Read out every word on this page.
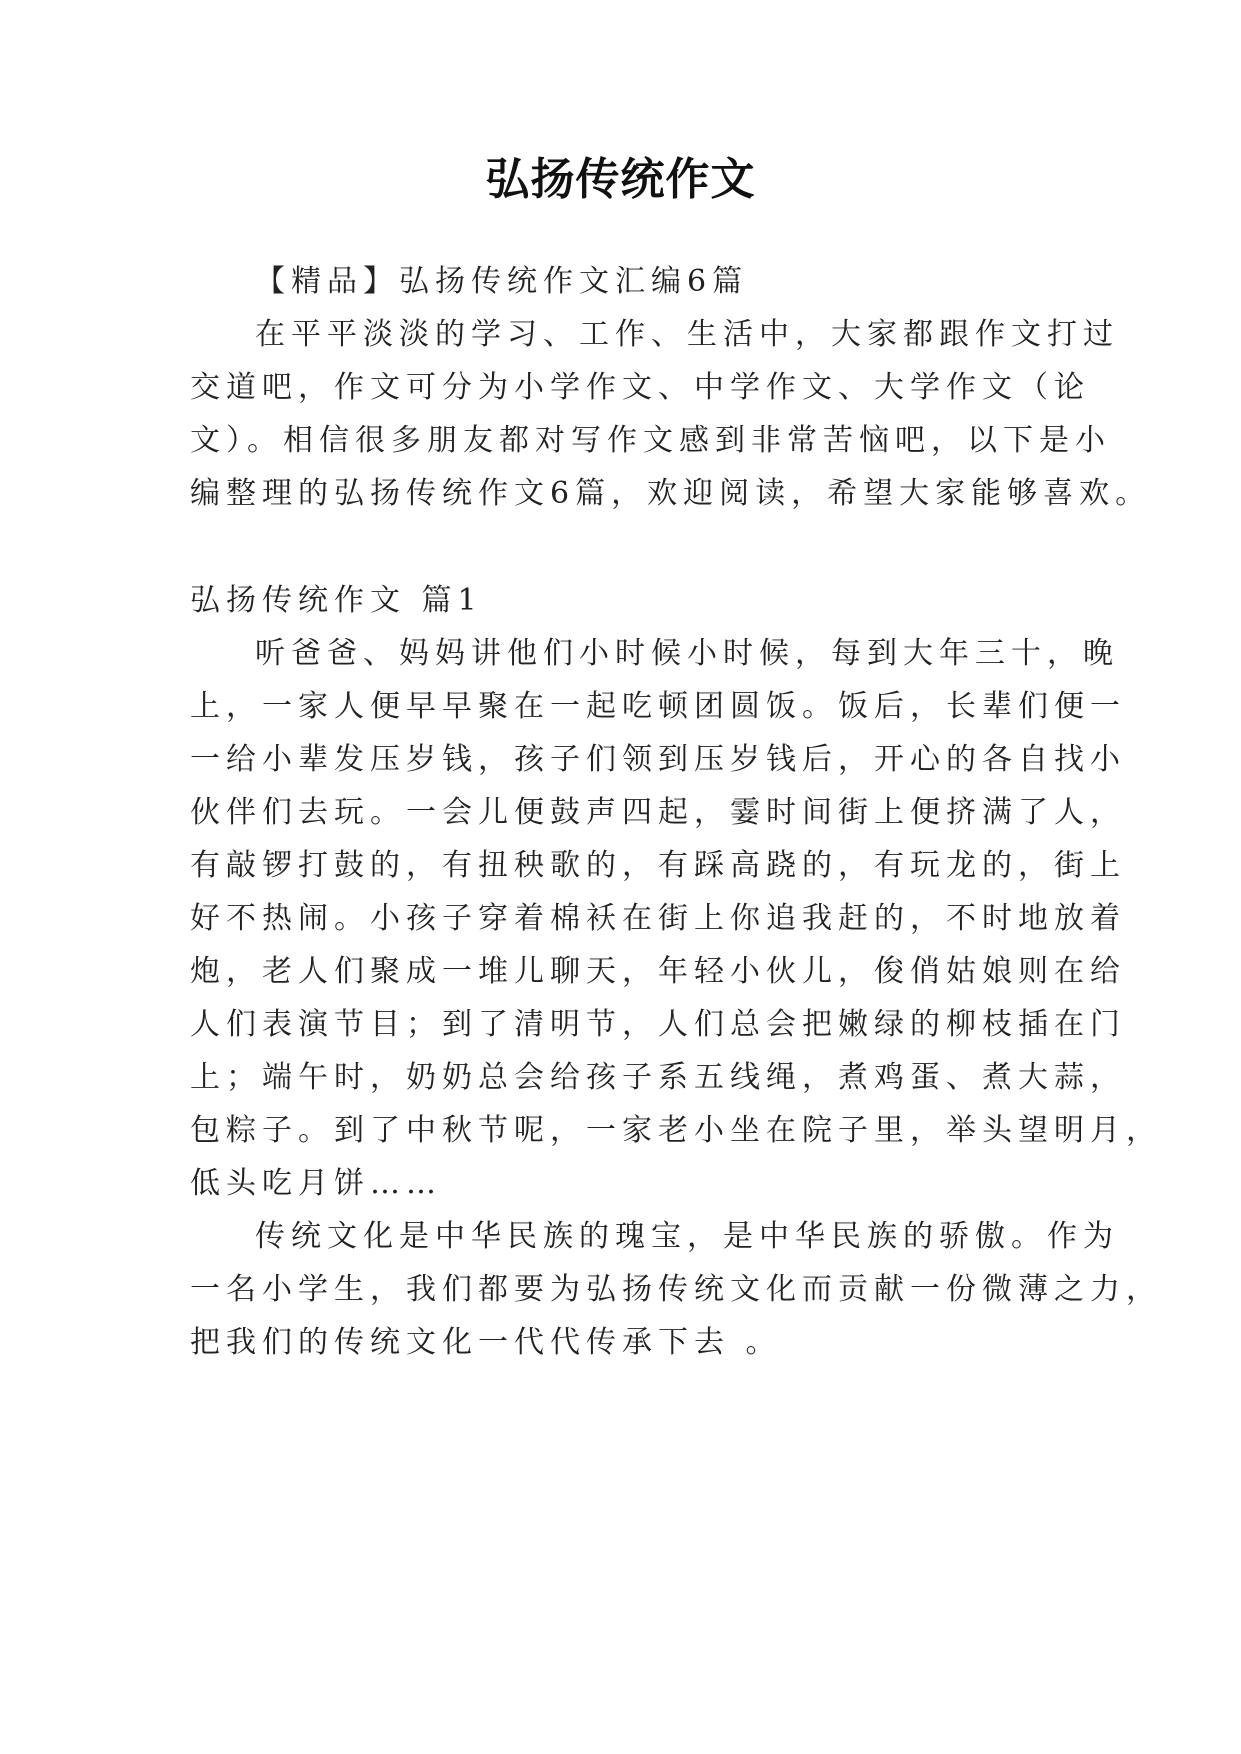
弘扬传统作文
【精品】弘扬传统作文汇编6篇
在平平淡淡的学习、工作、生活中，大家都跟作文打过
交道吧，作文可分为小学作文、中学作文、大学作文（论
文）。相信很多朋友都对写作文感到非常苦恼吧，以下是小
编整理的弘扬传统作文6篇，欢迎阅读，希望大家能够喜欢。
弘扬传统作文 篇1
听爸爸、妈妈讲他们小时候小时候，每到大年三十，晚
上，一家人便早早聚在一起吃顿团圆饭。饭后，长辈们便一
一给小辈发压岁钱，孩子们领到压岁钱后，开心的各自找小
伙伴们去玩。一会儿便鼓声四起，霎时间街上便挤满了人，
有敲锣打鼓的，有扭秧歌的，有踩高跷的，有玩龙的，街上
好不热闹。小孩子穿着棉袄在街上你追我赶的，不时地放着
炮，老人们聚成一堆儿聊天，年轻小伙儿，俊俏姑娘则在给
人们表演节目；到了清明节，人们总会把嫩绿的柳枝插在门
上；端午时，奶奶总会给孩子系五线绳，煮鸡蛋、煮大蒜，
包粽子。到了中秋节呢，一家老小坐在院子里，举头望明月，
低头吃月饼……
传统文化是中华民族的瑰宝，是中华民族的骄傲。作为
一名小学生，我们都要为弘扬传统文化而贡献一份微薄之力，
把我们的传统文化一代代传承下去 。
